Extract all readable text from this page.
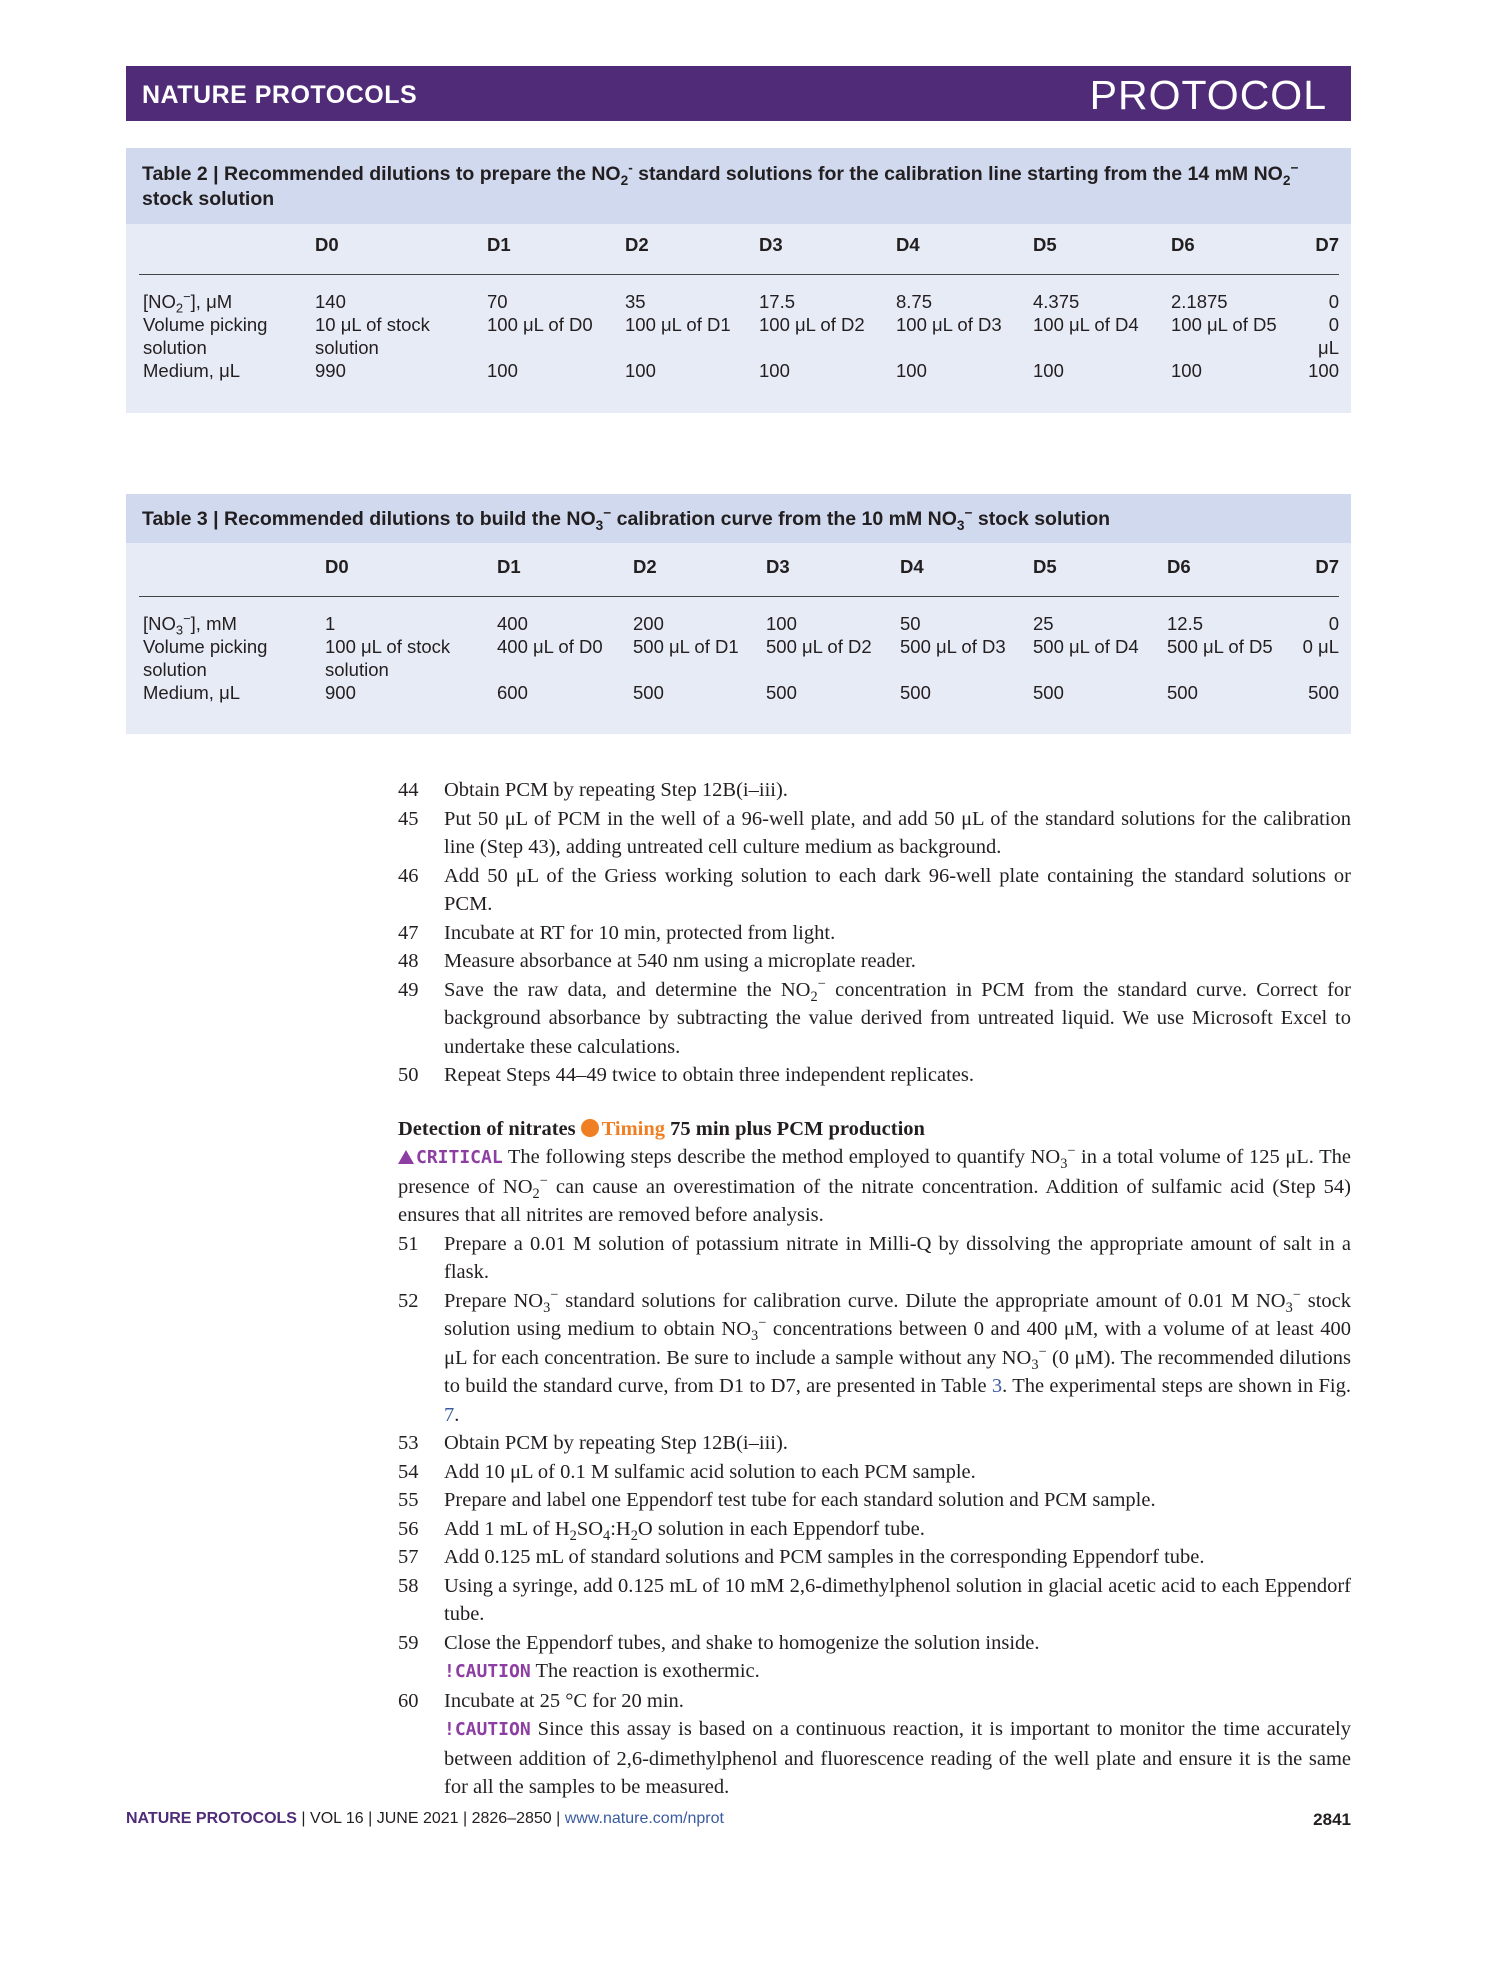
NATURE PROTOCOLS	PROTOCOL
Table 2 | Recommended dilutions to prepare the $NO_2^-$ standard solutions for the calibration line starting from the 14 mM $NO_2^-$ stock solution
	D0	D1	D2	D3	D4	D5	D6	D7
$[NO_2^-]$, μM	140	70	35	17.5	8.75	4.375	2.1875	0
Volume picking solution	10 μL of stock solution	100 μL of D0	100 μL of D1	100 μL of D2	100 μL of D3	100 μL of D4	100 μL of D5	0 μL
Medium, μL	990	100	100	100	100	100	100	100
Table 3 | Recommended dilutions to build the $NO_3^-$ calibration curve from the 10 mM $NO_3^-$ stock solution
	D0	D1	D2	D3	D4	D5	D6	D7
$[NO_3^-]$, mM	1	400	200	100	50	25	12.5	0
Volume picking solution	100 μL of stock solution	400 μL of D0	500 μL of D1	500 μL of D2	500 μL of D3	500 μL of D4	500 μL of D5	0 μL
Medium, μL	900	600	500	500	500	500	500	500
44 Obtain PCM by repeating Step 12B(i–iii).
45 Put 50 μL of PCM in the well of a 96-well plate, and add 50 μL of the standard solutions for the calibration line (Step 43), adding untreated cell culture medium as background.
46 Add 50 μL of the Griess working solution to each dark 96-well plate containing the standard solutions or PCM.
47 Incubate at RT for 10 min, protected from light.
48 Measure absorbance at 540 nm using a microplate reader.
49 Save the raw data, and determine the $NO_2^-$ concentration in PCM from the standard curve. Correct for background absorbance by subtracting the value derived from untreated liquid. We use Microsoft Excel to undertake these calculations.
50 Repeat Steps 44–49 twice to obtain three independent replicates.
Detection of nitrates Timing 75 min plus PCM production
CRITICAL The following steps describe the method employed to quantify $NO_3^-$ in a total volume of 125 μL. The presence of $NO_2^-$ can cause an overestimation of the nitrate concentration. Addition of sulfamic acid (Step 54) ensures that all nitrites are removed before analysis.
51 Prepare a 0.01 M solution of potassium nitrate in Milli-Q by dissolving the appropriate amount of salt in a flask.
52 Prepare $NO_3^-$ standard solutions for calibration curve. Dilute the appropriate amount of 0.01 M $NO_3^-$ stock solution using medium to obtain $NO_3^-$ concentrations between 0 and 400 μM, with a volume of at least 400 μL for each concentration. Be sure to include a sample without any $NO_3^-$ (0 μM). The recommended dilutions to build the standard curve, from D1 to D7, are presented in Table 3. The experimental steps are shown in Fig. 7.
53 Obtain PCM by repeating Step 12B(i–iii).
54 Add 10 μL of 0.1 M sulfamic acid solution to each PCM sample.
55 Prepare and label one Eppendorf test tube for each standard solution and PCM sample.
56 Add 1 mL of $H_2SO_4:H_2O$ solution in each Eppendorf tube.
57 Add 0.125 mL of standard solutions and PCM samples in the corresponding Eppendorf tube.
58 Using a syringe, add 0.125 mL of 10 mM 2,6-dimethylphenol solution in glacial acetic acid to each Eppendorf tube.
59 Close the Eppendorf tubes, and shake to homogenize the solution inside.
!CAUTION The reaction is exothermic.
60 Incubate at 25 °C for 20 min.
!CAUTION Since this assay is based on a continuous reaction, it is important to monitor the time accurately between addition of 2,6-dimethylphenol and fluorescence reading of the well plate and ensure it is the same for all the samples to be measured.
NATURE PROTOCOLS | VOL 16 | JUNE 2021 | 2826–2850 | www.nature.com/nprot	2841
